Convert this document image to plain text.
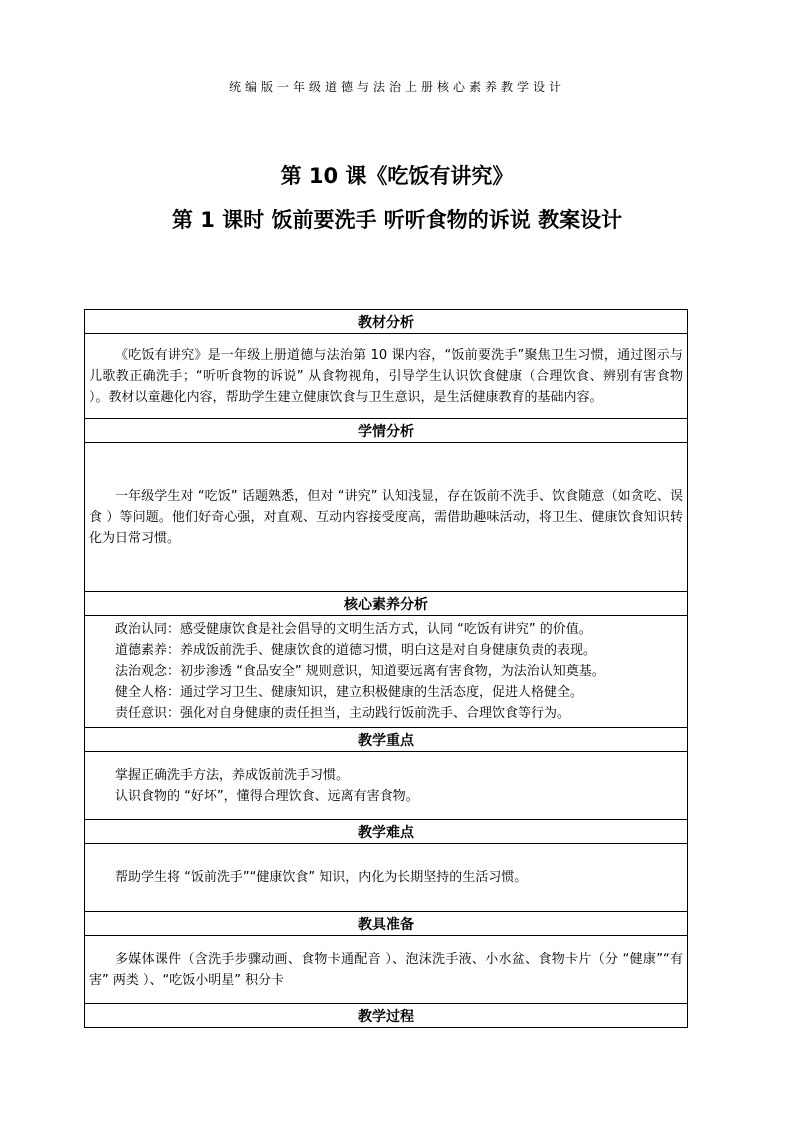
统编版一年级道德与法治上册核心素养教学设计
第 10 课《吃饭有讲究》
第 1 课时 饭前要洗手 听听食物的诉说 教案设计
教材分析
《吃饭有讲究》是一年级上册道德与法治第 10 课内容，“饭前要洗手”聚焦卫生习惯，通过图示与儿歌教正确洗手；“听听食物的诉说” 从食物视角，引导学生认识饮食健康（合理饮食、辨别有害食物 ）。教材以童趣化内容，帮助学生建立健康饮食与卫生意识，是生活健康教育的基础内容。
学情分析
一年级学生对 “吃饭” 话题熟悉，但对 “讲究” 认知浅显，存在饭前不洗手、饮食随意（如贪吃、误食 ）等问题。他们好奇心强，对直观、互动内容接受度高，需借助趣味活动，将卫生、健康饮食知识转化为日常习惯。
核心素养分析

政治认同：感受健康饮食是社会倡导的文明生活方式，认同 “吃饭有讲究” 的价值。
道德素养：养成饭前洗手、健康饮食的道德习惯，明白这是对自身健康负责的表现。
法治观念：初步渗透 “食品安全” 规则意识，知道要远离有害食物，为法治认知奠基。
健全人格：通过学习卫生、健康知识，建立积极健康的生活态度，促进人格健全。
责任意识：强化对自身健康的责任担当，主动践行饭前洗手、合理饮食等行为。

教学重点

掌握正确洗手方法，养成饭前洗手习惯。
认识食物的 “好坏”，懂得合理饮食、远离有害食物。

教学难点
帮助学生将 “饭前洗手”“健康饮食” 知识，内化为长期坚持的生活习惯。
教具准备
多媒体课件（含洗手步骤动画、食物卡通配音 ）、泡沫洗手液、小水盆、食物卡片（分 “健康”“有害” 两类 ）、“吃饭小明星” 积分卡
教学过程
